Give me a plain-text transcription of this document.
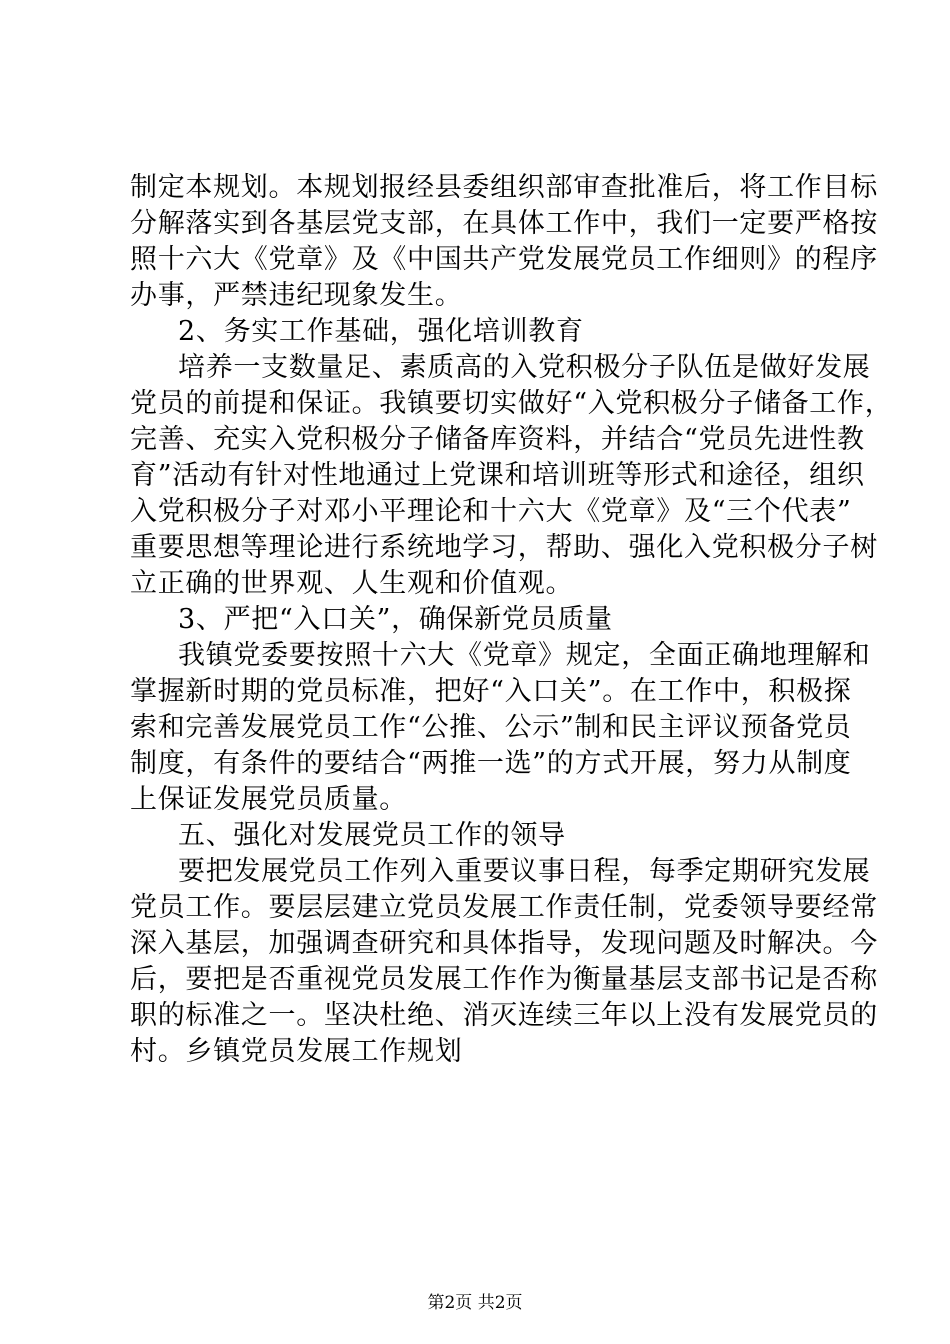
制定本规划。本规划报经县委组织部审查批准后，将工作目标
分解落实到各基层党支部，在具体工作中，我们一定要严格按
照十六大《党章》及《中国共产党发展党员工作细则》的程序
办事，严禁违纪现象发生。
2、务实工作基础，强化培训教育
培养一支数量足、素质高的入党积极分子队伍是做好发展
党员的前提和保证。我镇要切实做好“入党积极分子储备工作，
完善、充实入党积极分子储备库资料，并结合“党员先进性教
育”活动有针对性地通过上党课和培训班等形式和途径，组织
入党积极分子对邓小平理论和十六大《党章》及“三个代表”
重要思想等理论进行系统地学习，帮助、强化入党积极分子树
立正确的世界观、人生观和价值观。
3、严把“入口关”，确保新党员质量
我镇党委要按照十六大《党章》规定，全面正确地理解和
掌握新时期的党员标准，把好“入口关”。在工作中，积极探
索和完善发展党员工作“公推、公示”制和民主评议预备党员
制度，有条件的要结合“两推一选”的方式开展，努力从制度
上保证发展党员质量。
五、强化对发展党员工作的领导
要把发展党员工作列入重要议事日程，每季定期研究发展
党员工作。要层层建立党员发展工作责任制，党委领导要经常
深入基层，加强调查研究和具体指导，发现问题及时解决。今
后，要把是否重视党员发展工作作为衡量基层支部书记是否称
职的标准之一。坚决杜绝、消灭连续三年以上没有发展党员的
村。乡镇党员发展工作规划
第2页 共2页
